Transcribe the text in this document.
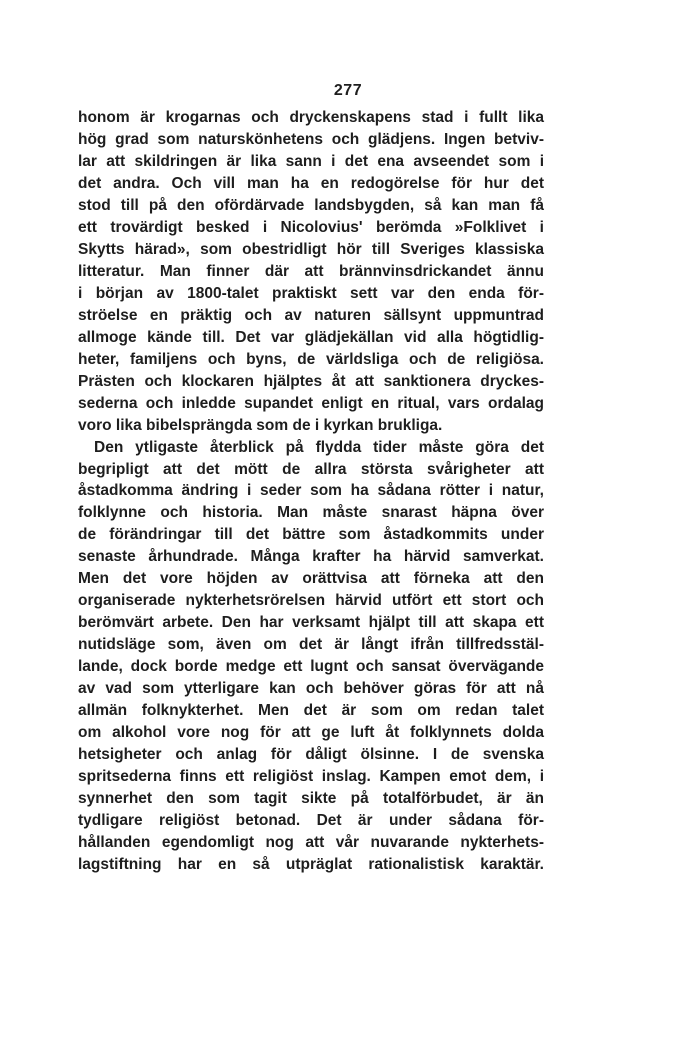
277
honom är krogarnas och dryckenskapens stad i fullt lika
hög grad som naturskönhetens och glädjens. Ingen betviv-
lar att skildringen är lika sann i det ena avseendet som i
det andra. Och vill man ha en redogörelse för hur det
stod till på den ofördärvade landsbygden, så kan man få
ett trovärdigt besked i Nicolovius' berömda »Folklivet i
Skytts härad», som obestridligt hör till Sveriges klassiska
litteratur. Man finner där att brännvinsdrickandet ännu
i början av 1800-talet praktiskt sett var den enda för-
ströelse en präktig och av naturen sällsynt uppmuntrad
allmoge kände till. Det var glädjekällan vid alla högtidlig-
heter, familjens och byns, de världsliga och de religiösa.
Prästen och klockaren hjälptes åt att sanktionera dryckes-
sederna och inledde supandet enligt en ritual, vars ordalag
voro lika bibelsprängda som de i kyrkan brukliga.
Den ytligaste återblick på flydda tider måste göra det
begripligt att det mött de allra största svårigheter att
åstadkomma ändring i seder som ha sådana rötter i natur,
folklynne och historia. Man måste snarast häpna över
de förändringar till det bättre som åstadkommits under
senaste århundrade. Många krafter ha härvid samverkat.
Men det vore höjden av orättvisa att förneka att den
organiserade nykterhetsrörelsen härvid utfört ett stort och
berömvärt arbete. Den har verksamt hjälpt till att skapa ett
nutidsläge som, även om det är långt ifrån tillfredsstäl-
lande, dock borde medge ett lugnt och sansat övervägande
av vad som ytterligare kan och behöver göras för att nå
allmän folknykterhet. Men det är som om redan talet
om alkohol vore nog för att ge luft åt folklynnets dolda
hetsigheter och anlag för dåligt ölsinne. I de svenska
spritsederna finns ett religiöst inslag. Kampen emot dem, i
synnerhet den som tagit sikte på totalförbudet, är än
tydligare religiöst betonad. Det är under sådana för-
hållanden egendomligt nog att vår nuvarande nykterhets-
lagstiftning har en så utpräglat rationalistisk karaktär.
